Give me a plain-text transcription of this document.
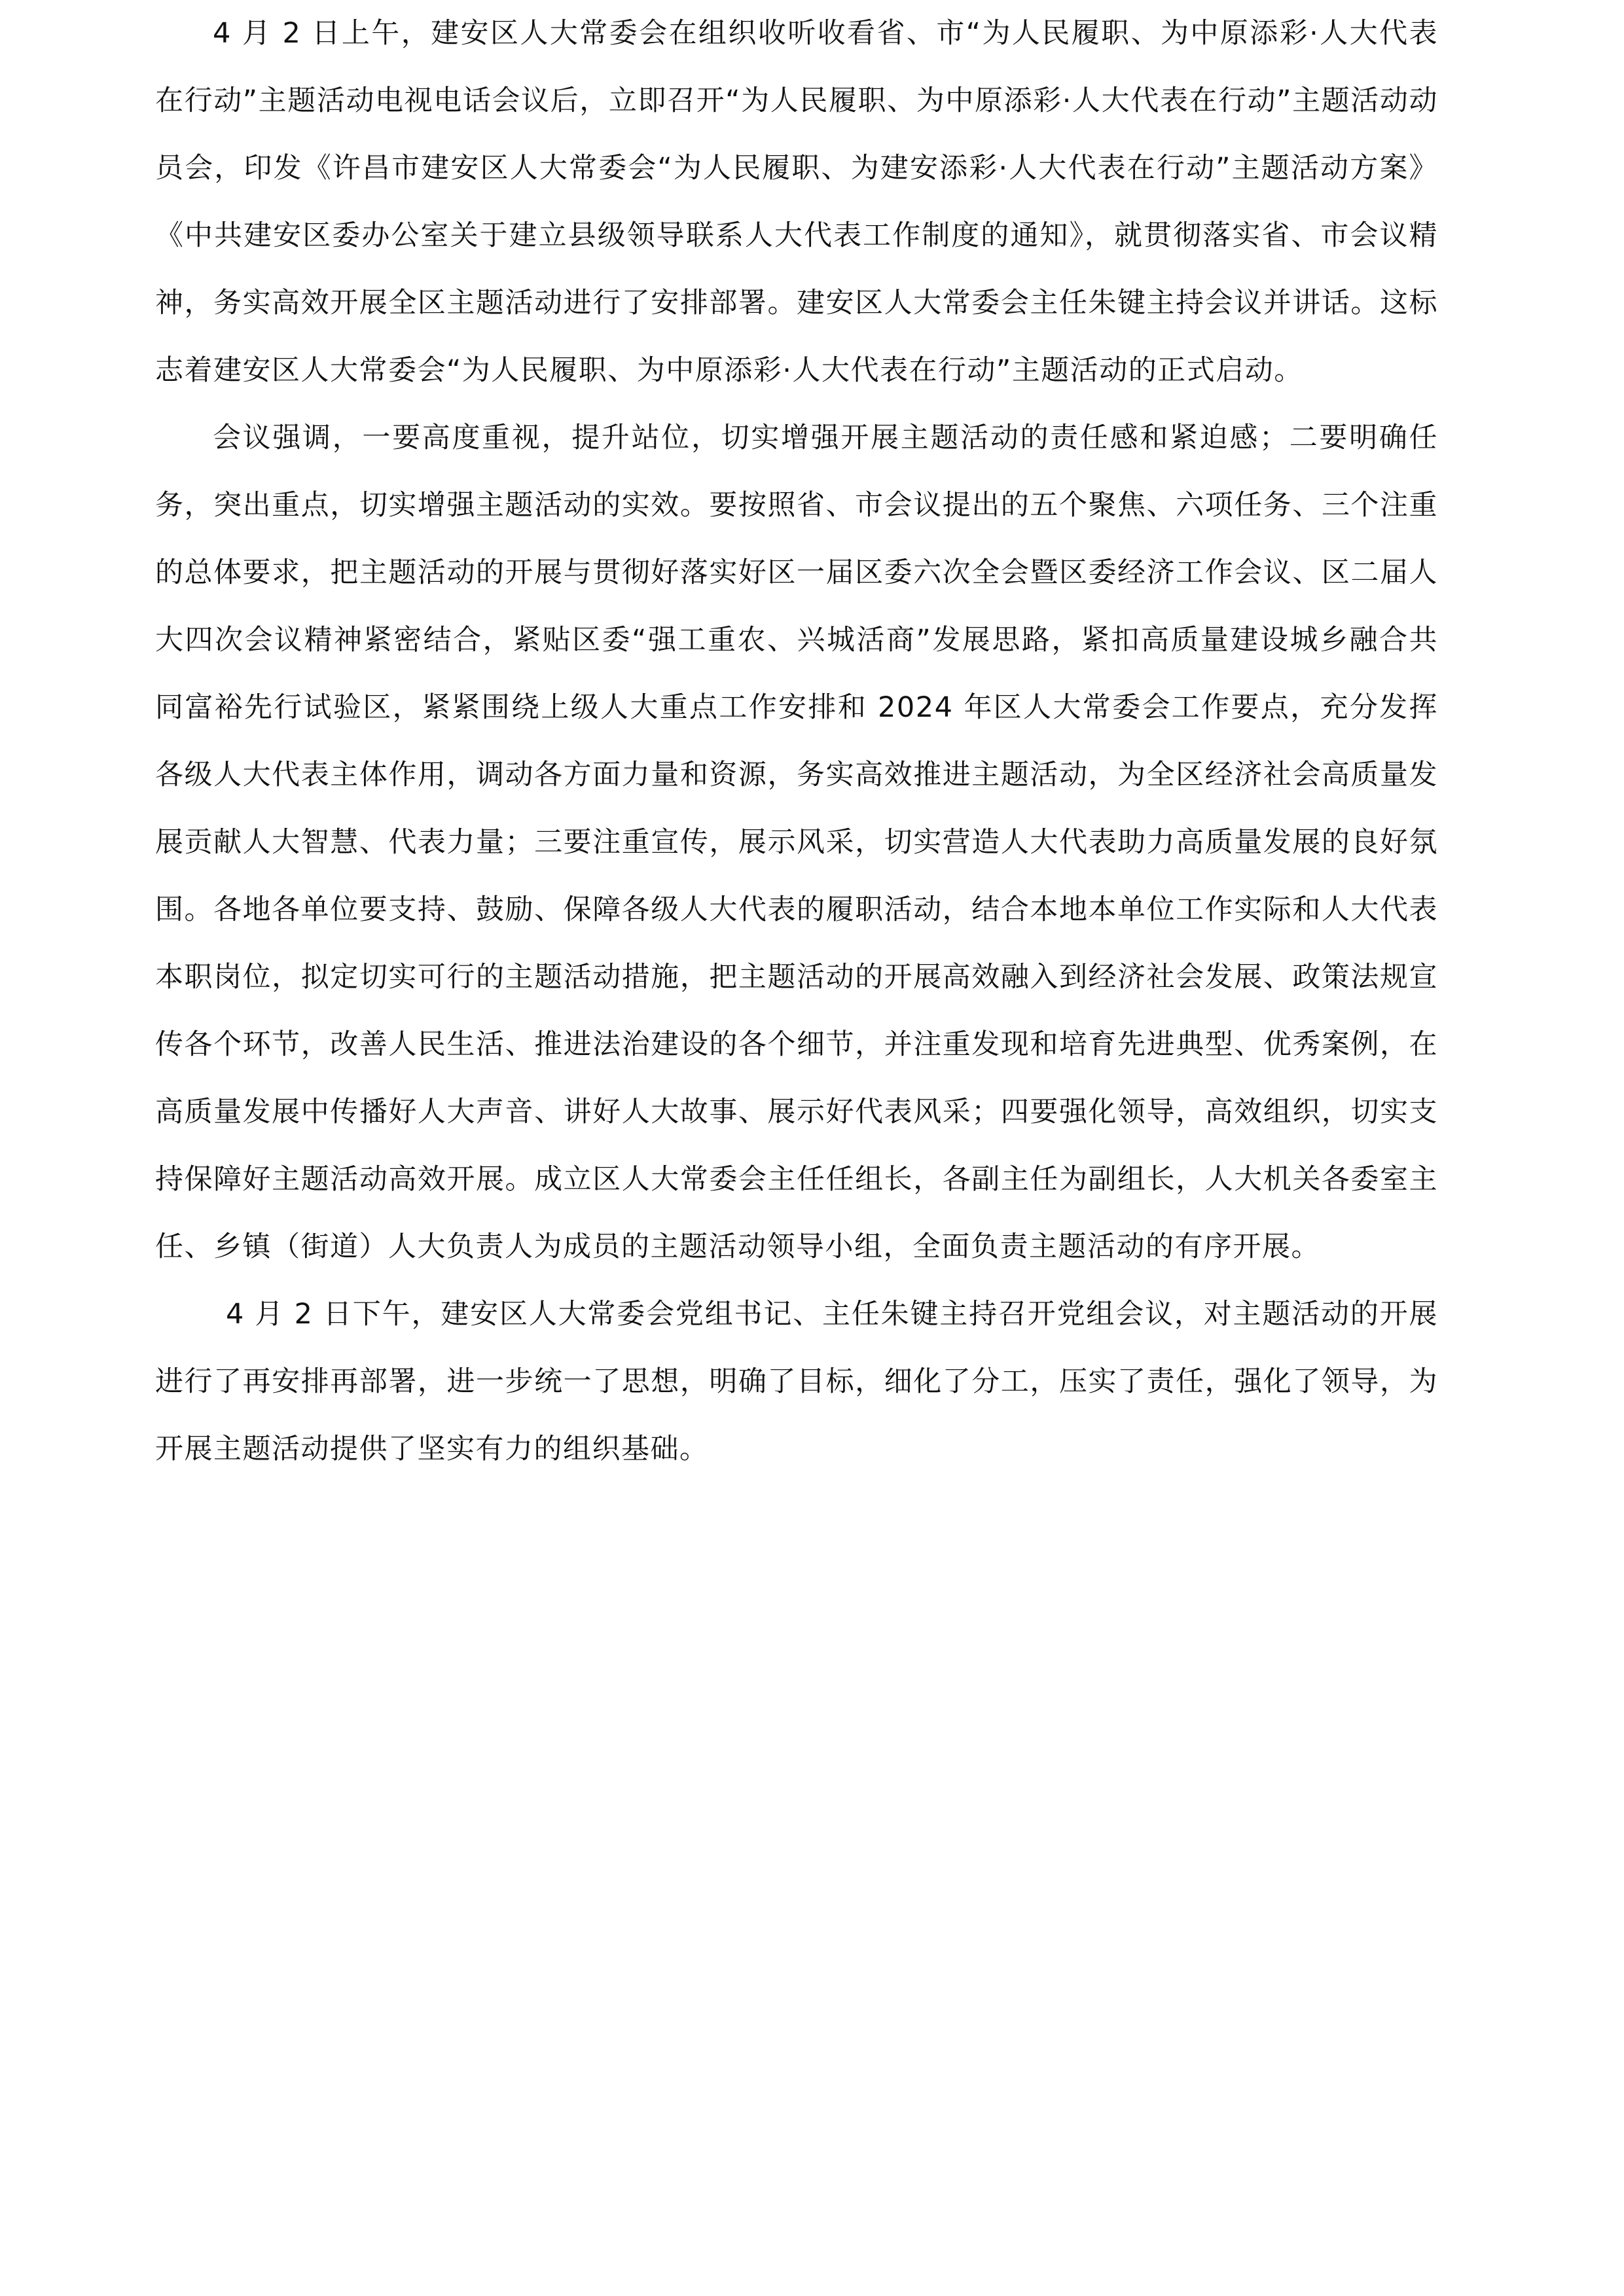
4 月 2 日上午，建安区人大常委会在组织收听收看省、市“为人民履职、为中原添彩·人大代表在行动”主题活动电视电话会议后，立即召开“为人民履职、为中原添彩·人大代表在行动”主题活动动员会，印发《许昌市建安区人大常委会“为人民履职、为建安添彩·人大代表在行动”主题活动方案》《中共建安区委办公室关于建立县级领导联系人大代表工作制度的通知》，就贯彻落实省、市会议精神，务实高效开展全区主题活动进行了安排部署。建安区人大常委会主任朱键主持会议并讲话。这标志着建安区人大常委会“为人民履职、为中原添彩·人大代表在行动”主题活动的正式启动。

会议强调，一要高度重视，提升站位，切实增强开展主题活动的责任感和紧迫感；二要明确任务，突出重点，切实增强主题活动的实效。要按照省、市会议提出的五个聚焦、六项任务、三个注重的总体要求，把主题活动的开展与贯彻好落实好区一届区委六次全会暨区委经济工作会议、区二届人大四次会议精神紧密结合，紧贴区委“强工重农、兴城活商”发展思路，紧扣高质量建设城乡融合共同富裕先行试验区，紧紧围绕上级人大重点工作安排和 2024 年区人大常委会工作要点，充分发挥各级人大代表主体作用，调动各方面力量和资源，务实高效推进主题活动，为全区经济社会高质量发展贡献人大智慧、代表力量；三要注重宣传，展示风采，切实营造人大代表助力高质量发展的良好氛围。各地各单位要支持、鼓励、保障各级人大代表的履职活动，结合本地本单位工作实际和人大代表本职岗位，拟定切实可行的主题活动措施，把主题活动的开展高效融入到经济社会发展、政策法规宣传各个环节，改善人民生活、推进法治建设的各个细节，并注重发现和培育先进典型、优秀案例，在高质量发展中传播好人大声音、讲好人大故事、展示好代表风采；四要强化领导，高效组织，切实支持保障好主题活动高效开展。成立区人大常委会主任任组长，各副主任为副组长，人大机关各委室主任、乡镇（街道）人大负责人为成员的主题活动领导小组，全面负责主题活动的有序开展。

4 月 2 日下午，建安区人大常委会党组书记、主任朱键主持召开党组会议，对主题活动的开展进行了再安排再部署，进一步统一了思想，明确了目标，细化了分工，压实了责任，强化了领导，为开展主题活动提供了坚实有力的组织基础。
